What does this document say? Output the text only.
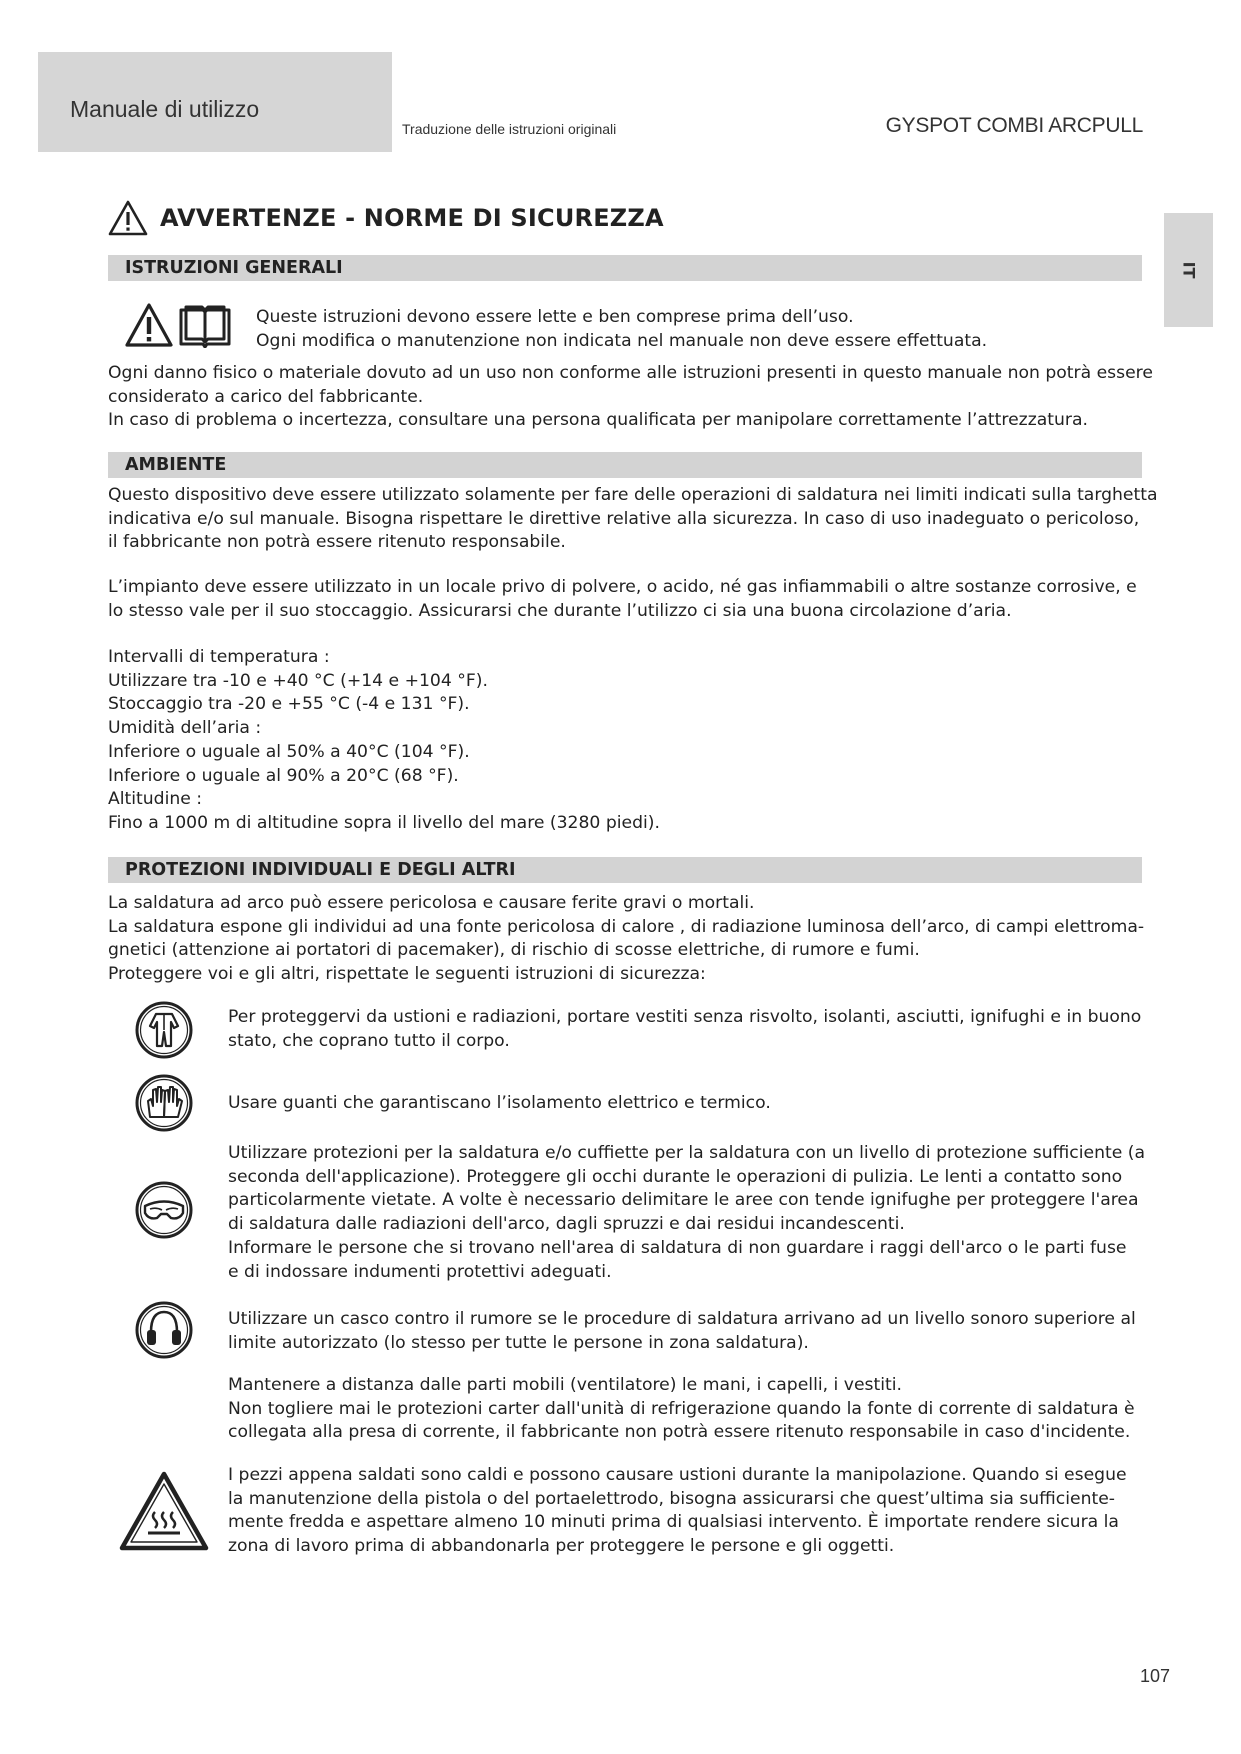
Manuale di utilizzo
Traduzione delle istruzioni originali	GYSPOT COMBI ARCPULL
IT
AVVERTENZE - NORME DI SICUREZZA
ISTRUZIONI GENERALI
Queste istruzioni devono essere lette e ben comprese prima dell’uso.
Ogni modifica o manutenzione non indicata nel manuale non deve essere effettuata.
Ogni danno fisico o materiale dovuto ad un uso non conforme alle istruzioni presenti in questo manuale non potrà essere
considerato a carico del fabbricante.
In caso di problema o incertezza, consultare una persona qualificata per manipolare correttamente l’attrezzatura.
AMBIENTE
Questo dispositivo deve essere utilizzato solamente per fare delle operazioni di saldatura nei limiti indicati sulla targhetta
indicativa e/o sul manuale. Bisogna rispettare le direttive relative alla sicurezza. In caso di uso inadeguato o pericoloso,
il fabbricante non potrà essere ritenuto responsabile.
L’impianto deve essere utilizzato in un locale privo di polvere, o acido, né gas infiammabili o altre sostanze corrosive, e
lo stesso vale per il suo stoccaggio. Assicurarsi che durante l’utilizzo ci sia una buona circolazione d’aria.
Intervalli di temperatura :
Utilizzare tra -10 e +40 °C (+14 e +104 °F).
Stoccaggio tra -20 e +55 °C (-4 e 131 °F).
Umidità dell’aria :
Inferiore o uguale al 50% a 40°C (104 °F).
Inferiore o uguale al 90% a 20°C (68 °F).
Altitudine :
Fino a 1000 m di altitudine sopra il livello del mare (3280 piedi).
PROTEZIONI INDIVIDUALI E DEGLI ALTRI
La saldatura ad arco può essere pericolosa e causare ferite gravi o mortali.
La saldatura espone gli individui ad una fonte pericolosa di calore , di radiazione luminosa dell’arco, di campi elettroma-
gnetici (attenzione ai portatori di pacemaker), di rischio di scosse elettriche, di rumore e fumi.
Proteggere voi e gli altri, rispettate le seguenti istruzioni di sicurezza:
Per proteggervi da ustioni e radiazioni, portare vestiti senza risvolto, isolanti, asciutti, ignifughi e in buono
stato, che coprano tutto il corpo.
Usare guanti che garantiscano l’isolamento elettrico e termico.
Utilizzare protezioni per la saldatura e/o cuffiette per la saldatura con un livello di protezione sufficiente (a
seconda dell'applicazione). Proteggere gli occhi durante le operazioni di pulizia. Le lenti a contatto sono
particolarmente vietate. A volte è necessario delimitare le aree con tende ignifughe per proteggere l'area
di saldatura dalle radiazioni dell'arco, dagli spruzzi e dai residui incandescenti.
Informare le persone che si trovano nell'area di saldatura di non guardare i raggi dell'arco o le parti fuse
e di indossare indumenti protettivi adeguati.
Utilizzare un casco contro il rumore se le procedure di saldatura arrivano ad un livello sonoro superiore al
limite autorizzato (lo stesso per tutte le persone in zona saldatura).
Mantenere a distanza dalle parti mobili (ventilatore) le mani, i capelli, i vestiti.
Non togliere mai le protezioni carter dall'unità di refrigerazione quando la fonte di corrente di saldatura è
collegata alla presa di corrente, il fabbricante non potrà essere ritenuto responsabile in caso d'incidente.
I pezzi appena saldati sono caldi e possono causare ustioni durante la manipolazione. Quando si esegue
la manutenzione della pistola o del portaelettrodo, bisogna assicurarsi che quest’ultima sia sufficiente-
mente fredda e aspettare almeno 10 minuti prima di qualsiasi intervento. È importate rendere sicura la
zona di lavoro prima di abbandonarla per proteggere le persone e gli oggetti.
107
